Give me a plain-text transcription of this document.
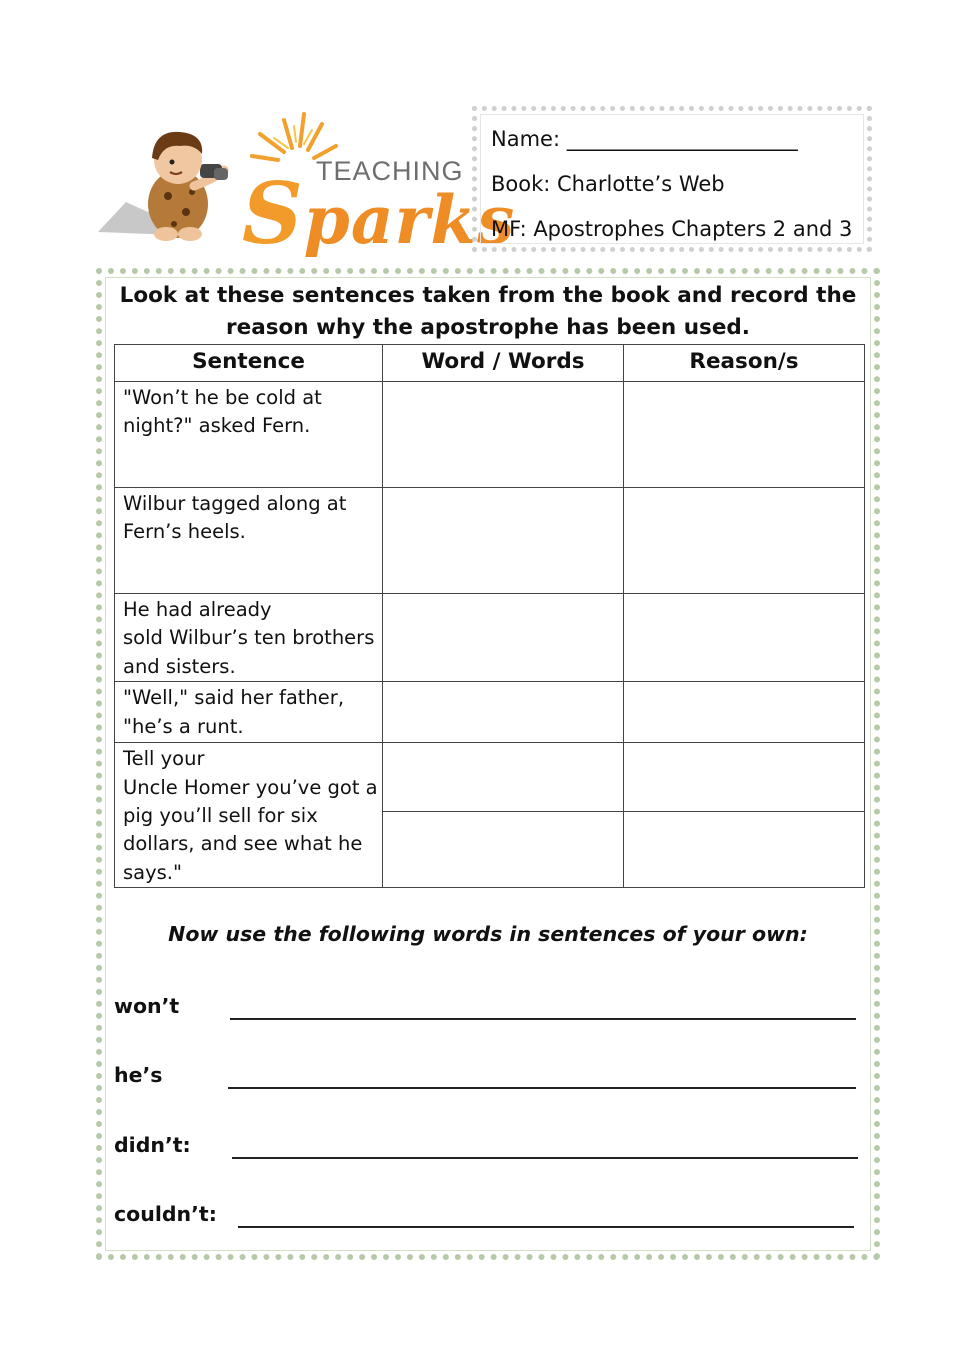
TEACHING
Sparks
Name: ______________________
Book: Charlotte’s Web
MF: Apostrophes Chapters 2 and 3
Look at these sentences taken from the book and record the reason why the apostrophe has been used.
Sentence	Word / Words	Reason/s

"Won’t he be cold at
night?" asked Fern.		

Wilbur tagged along at
Fern’s heels.		

He had already
sold Wilbur’s ten brothers
and sisters.		

"Well," said her father,
"he’s a runt.		

Tell your
Uncle Homer you’ve got a
pig you’ll sell for six
dollars, and see what he
says."		

Now use the following words in sentences of your own:
won’t
he’s
didn’t:
couldn’t:
